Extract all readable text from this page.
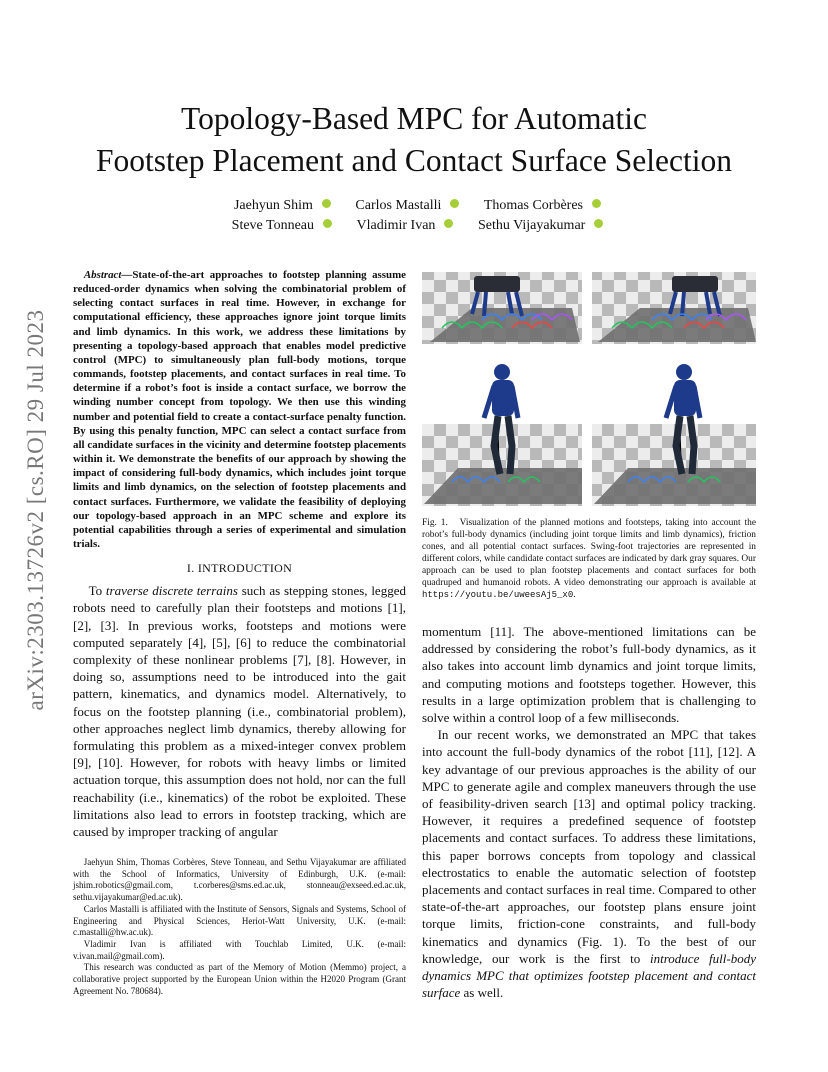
arXiv:2303.13726v2 [cs.RO] 29 Jul 2023
Topology-Based MPC for Automatic
Footstep Placement and Contact Surface Selection
Jaehyun Shim	Carlos Mastalli	Thomas Corbères
Steve Tonneau	Vladimir Ivan	Sethu Vijayakumar

Abstract—State-of-the-art approaches to footstep planning assume reduced-order dynamics when solving the combinatorial problem of selecting contact surfaces in real time. However, in exchange for computational efficiency, these approaches ignore joint torque limits and limb dynamics. In this work, we address these limitations by presenting a topology-based approach that enables model predictive control (MPC) to simultaneously plan full-body motions, torque commands, footstep placements, and contact surfaces in real time. To determine if a robot’s foot is inside a contact surface, we borrow the winding number concept from topology. We then use this winding number and potential field to create a contact-surface penalty function. By using this penalty function, MPC can select a contact surface from all candidate surfaces in the vicinity and determine footstep placements within it. We demonstrate the benefits of our approach by showing the impact of considering full-body dynamics, which includes joint torque limits and limb dynamics, on the selection of footstep placements and contact surfaces. Furthermore, we validate the feasibility of deploying our topology-based approach in an MPC scheme and explore its potential capabilities through a series of experimental and simulation trials.

I. INTRODUCTION

To traverse discrete terrains such as stepping stones, legged robots need to carefully plan their footsteps and motions [1], [2], [3]. In previous works, footsteps and motions were computed separately [4], [5], [6] to reduce the combinatorial complexity of these nonlinear problems [7], [8]. However, in doing so, assumptions need to be introduced into the gait pattern, kinematics, and dynamics model. Alternatively, to focus on the footstep planning (i.e., combinatorial problem), other approaches neglect limb dynamics, thereby allowing for formulating this problem as a mixed-integer convex problem [9], [10]. However, for robots with heavy limbs or limited actuation torque, this assumption does not hold, nor can the full reachability (i.e., kinematics) of the robot be exploited. These limitations also lead to errors in footstep tracking, which are caused by improper tracking of angular

Jaehyun Shim, Thomas Corbères, Steve Tonneau, and Sethu Vijayakumar are affiliated with the School of Informatics, University of Edinburgh, U.K. (e-mail: jshim.robotics@gmail.com, t.corberes@sms.ed.ac.uk, stonneau@exseed.ed.ac.uk, sethu.vijayakumar@ed.ac.uk).

Carlos Mastalli is affiliated with the Institute of Sensors, Signals and Systems, School of Engineering and Physical Sciences, Heriot-Watt University, U.K. (e-mail: c.mastalli@hw.ac.uk).

Vladimir Ivan is affiliated with Touchlab Limited, U.K. (e-mail: v.ivan.mail@gmail.com).

This research was conducted as part of the Memory of Motion (Memmo) project, a collaborative project supported by the European Union within the H2020 Program (Grant Agreement No. 780684).

Fig. 1. Visualization of the planned motions and footsteps, taking into account the robot’s full-body dynamics (including joint torque limits and limb dynamics), friction cones, and all potential contact surfaces. Swing-foot trajectories are represented in different colors, while candidate contact surfaces are indicated by dark gray squares. Our approach can be used to plan footstep placements and contact surfaces for both quadruped and humanoid robots. A video demonstrating our approach is available at https://youtu.be/uweesAj5_x0.

momentum [11]. The above-mentioned limitations can be addressed by considering the robot’s full-body dynamics, as it also takes into account limb dynamics and joint torque limits, and computing motions and footsteps together. However, this results in a large optimization problem that is challenging to solve within a control loop of a few milliseconds.

In our recent works, we demonstrated an MPC that takes into account the full-body dynamics of the robot [11], [12]. A key advantage of our previous approaches is the ability of our MPC to generate agile and complex maneuvers through the use of feasibility-driven search [13] and optimal policy tracking. However, it requires a predefined sequence of footstep placements and contact surfaces. To address these limitations, this paper borrows concepts from topology and classical electrostatics to enable the automatic selection of footstep placements and contact surfaces in real time. Compared to other state-of-the-art approaches, our footstep plans ensure joint torque limits, friction-cone constraints, and full-body kinematics and dynamics (Fig. 1). To the best of our knowledge, our work is the first to introduce full-body dynamics MPC that optimizes footstep placement and contact surface as well.
